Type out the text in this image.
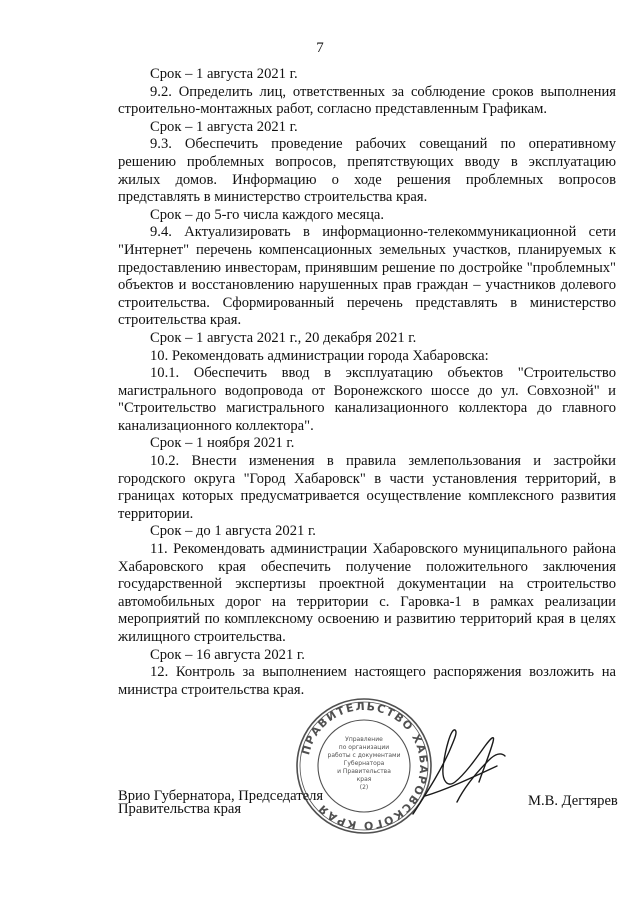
7

Срок – 1 августа 2021 г.

9.2. Определить лиц, ответственных за соблюдение сроков выполнения строительно-монтажных работ, согласно представленным Графикам.

Срок – 1 августа 2021 г.

9.3. Обеспечить проведение рабочих совещаний по оперативному решению проблемных вопросов, препятствующих вводу в эксплуатацию жилых домов. Информацию о ходе решения проблемных вопросов представлять в министерство строительства края.

Срок – до 5-го числа каждого месяца.

9.4. Актуализировать в информационно-телекоммуникационной сети "Интернет" перечень компенсационных земельных участков, планируемых к предоставлению инвесторам, принявшим решение по достройке "проблемных" объектов и восстановлению нарушенных прав граждан – участников долевого строительства. Сформированный перечень представлять в министерство строительства края.

Срок – 1 августа 2021 г., 20 декабря 2021 г.

10. Рекомендовать администрации города Хабаровска:

10.1. Обеспечить ввод в эксплуатацию объектов "Строительство магистрального водопровода от Воронежского шоссе до ул. Совхозной" и "Строительство магистрального канализационного коллектора до главного канализационного коллектора".

Срок – 1 ноября 2021 г.

10.2. Внести изменения в правила землепользования и застройки городского округа "Город Хабаровск" в части установления территорий, в границах которых предусматривается осуществление комплексного развития территории.

Срок – до 1 августа 2021 г.

11. Рекомендовать администрации Хабаровского муниципального района Хабаровского края обеспечить получение положительного заключения государственной экспертизы проектной документации на строительство автомобильных дорог на территории с. Гаровка-1 в рамках реализации мероприятий по комплексному освоению и развитию территорий края в целях жилищного строительства.

Срок – 16 августа 2021 г.

12. Контроль за выполнением настоящего распоряжения возложить на министра строительства края.

Врио Губернатора, Председателя
Правительства края
ПРАВИТЕЛЬСТВО ХАБАРОВСКОГО КРАЯ
Управление
по организации
работы с документами
Губернатора
и Правительства
края
(2)
М.В. Дегтярев
